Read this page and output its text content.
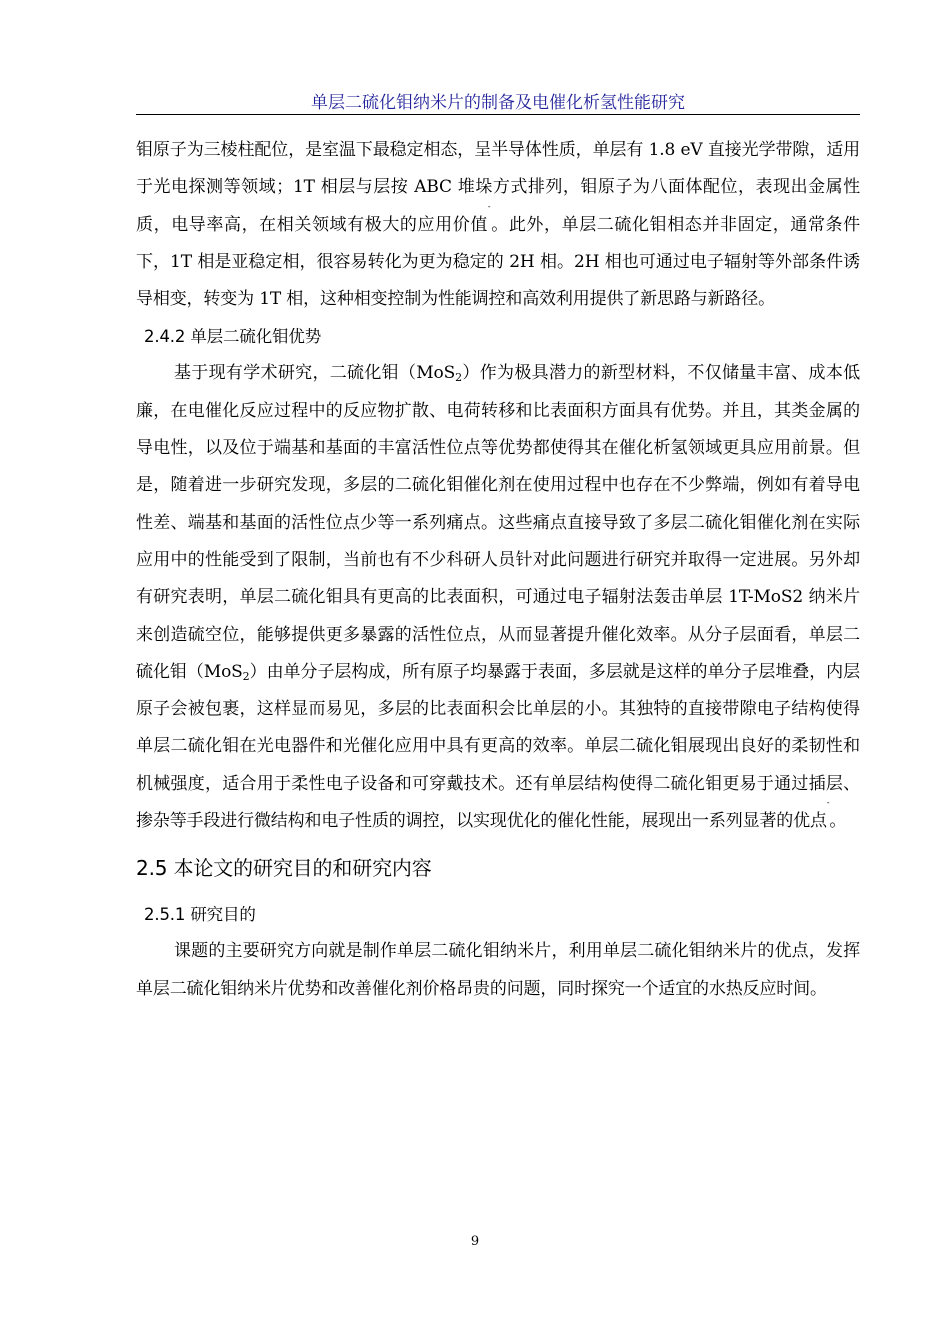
单层二硫化钼纳米片的制备及电催化析氢性能研究

钼原子为三棱柱配位，是室温下最稳定相态，呈半导体性质，单层有 1.8 eV 直接光学带隙，适用于光电探测等领域；1T 相层与层按 ABC 堆垛方式排列，钼原子为八面体配位，表现出金属性质，电导率高，在相关领域有极大的应用价值-。此外，单层二硫化钼相态并非固定，通常条件下，1T 相是亚稳定相，很容易转化为更为稳定的 2H 相。2H 相也可通过电子辐射等外部条件诱导相变，转变为 1T 相，这种相变控制为性能调控和高效利用提供了新思路与新路径。

2.4.2 单层二硫化钼优势

基于现有学术研究，二硫化钼（MoS$_2$）作为极具潜力的新型材料，不仅储量丰富、成本低廉，在电催化反应过程中的反应物扩散、电荷转移和比表面积方面具有优势。并且，其类金属的导电性，以及位于端基和基面的丰富活性位点等优势都使得其在催化析氢领域更具应用前景。但是，随着进一步研究发现，多层的二硫化钼催化剂在使用过程中也存在不少弊端，例如有着导电性差、端基和基面的活性位点少等一系列痛点。这些痛点直接导致了多层二硫化钼催化剂在实际应用中的性能受到了限制，当前也有不少科研人员针对此问题进行研究并取得一定进展。另外却有研究表明，单层二硫化钼具有更高的比表面积，可通过电子辐射法轰击单层 1T-MoS2 纳米片来创造硫空位，能够提供更多暴露的活性位点，从而显著提升催化效率。从分子层面看，单层二硫化钼（MoS$_2$）由单分子层构成，所有原子均暴露于表面，多层就是这样的单分子层堆叠，内层原子会被包裹，这样显而易见，多层的比表面积会比单层的小。其独特的直接带隙电子结构使得单层二硫化钼在光电器件和光催化应用中具有更高的效率。单层二硫化钼展现出良好的柔韧性和机械强度，适合用于柔性电子设备和可穿戴技术。还有单层结构使得二硫化钼更易于通过插层、掺杂等手段进行微结构和电子性质的调控，以实现优化的催化性能，展现出一系列显著的优点-。

2.5 本论文的研究目的和研究内容
2.5.1 研究目的

课题的主要研究方向就是制作单层二硫化钼纳米片，利用单层二硫化钼纳米片的优点，发挥单层二硫化钼纳米片优势和改善催化剂价格昂贵的问题，同时探究一个适宜的水热反应时间。

9
